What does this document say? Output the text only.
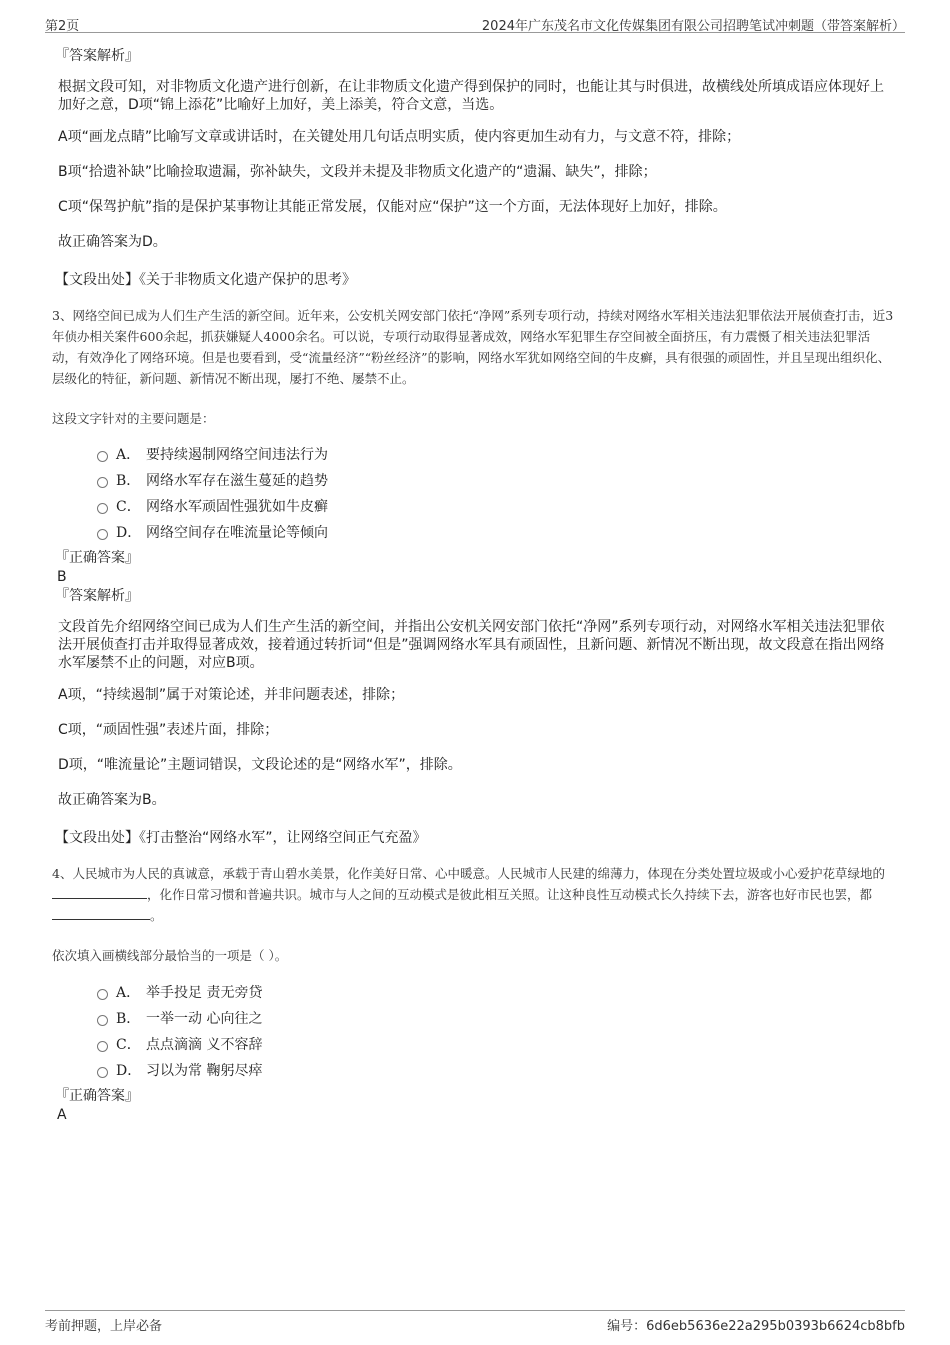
第2页	2024年广东茂名市文化传媒集团有限公司招聘笔试冲刺题（带答案解析）

『答案解析』

根据文段可知，对非物质文化遗产进行创新，在让非物质文化遗产得到保护的同时，也能让其与时俱进，故横线处所填成语应体现好上加好之意，D项“锦上添花”比喻好上加好，美上添美，符合文意，当选。

A项“画龙点睛”比喻写文章或讲话时，在关键处用几句话点明实质，使内容更加生动有力，与文意不符，排除；

B项“拾遗补缺”比喻捡取遗漏，弥补缺失，文段并未提及非物质文化遗产的“遗漏、缺失”，排除；

C项“保驾护航”指的是保护某事物让其能正常发展，仅能对应“保护”这一个方面，无法体现好上加好，排除。

故正确答案为D。

【文段出处】《关于非物质文化遗产保护的思考》

3、网络空间已成为人们生产生活的新空间。近年来，公安机关网安部门依托“净网”系列专项行动，持续对网络水军相关违法犯罪依法开展侦查打击，近3年侦办相关案件600余起，抓获嫌疑人4000余名。可以说，专项行动取得显著成效，网络水军犯罪生存空间被全面挤压，有力震慑了相关违法犯罪活动，有效净化了网络环境。但是也要看到，受“流量经济”“粉丝经济”的影响，网络水军犹如网络空间的牛皮癣，具有很强的顽固性，并且呈现出组织化、层级化的特征，新问题、新情况不断出现，屡打不绝、屡禁不止。

这段文字针对的主要问题是：

A． 要持续遏制网络空间违法行为
B． 网络水军存在滋生蔓延的趋势
C． 网络水军顽固性强犹如牛皮癣
D． 网络空间存在唯流量论等倾向

『正确答案』

B

『答案解析』

文段首先介绍网络空间已成为人们生产生活的新空间，并指出公安机关网安部门依托“净网”系列专项行动，对网络水军相关违法犯罪依法开展侦查打击并取得显著成效，接着通过转折词“但是”强调网络水军具有顽固性，且新问题、新情况不断出现，故文段意在指出网络水军屡禁不止的问题，对应B项。

A项，“持续遏制”属于对策论述，并非问题表述，排除；

C项，“顽固性强”表述片面，排除；

D项，“唯流量论”主题词错误，文段论述的是“网络水军”，排除。

故正确答案为B。

【文段出处】《打击整治“网络水军”，让网络空间正气充盈》

4、人民城市为人民的真诚意，承载于青山碧水美景，化作美好日常、心中暖意。人民城市人民建的绵薄力，体现在分类处置垃圾或小心爱护花草绿地的，化作日常习惯和普遍共识。城市与人之间的互动模式是彼此相互关照。让这种良性互动模式长久持续下去，游客也好市民也罢，都。

依次填入画横线部分最恰当的一项是（ ）。

A． 举手投足 责无旁贷
B． 一举一动 心向往之
C． 点点滴滴 义不容辞
D． 习以为常 鞠躬尽瘁

『正确答案』

A

考前押题，上岸必备	编号：6d6eb5636e22a295b0393b6624cb8bfb
